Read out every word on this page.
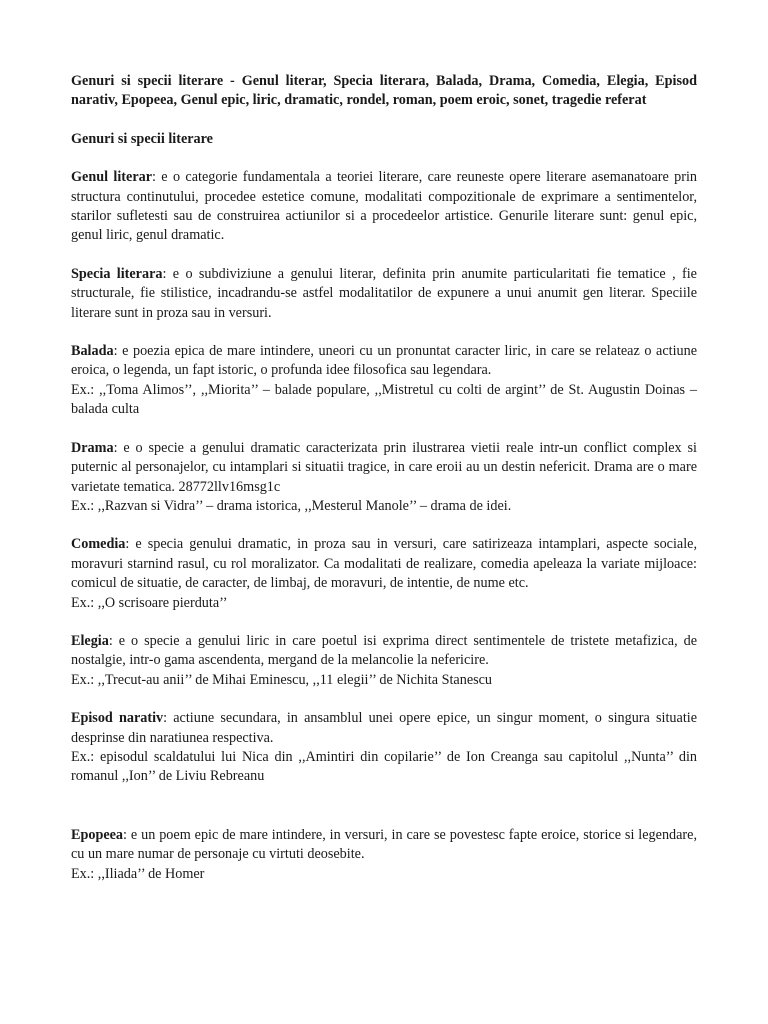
Genuri si specii literare - Genul literar, Specia literara, Balada, Drama, Comedia, Elegia, Episod narativ, Epopeea, Genul epic, liric, dramatic, rondel, roman, poem eroic, sonet, tragedie referat

Genuri si specii literare

Genul literar: e o categorie fundamentala a teoriei literare, care reuneste opere literare asemanatoare prin structura continutului, procedee estetice comune, modalitati compozitionale de exprimare a sentimentelor, starilor sufletesti sau de construirea actiunilor si a procedeelor artistice. Genurile literare sunt: genul epic, genul liric, genul dramatic.

Specia literara: e o subdiviziune a genului literar, definita prin anumite particularitati fie tematice , fie structurale, fie stilistice, incadrandu-se astfel modalitatilor de expunere a unui anumit gen literar. Speciile literare sunt in proza sau in versuri.

Balada: e poezia epica de mare intindere, uneori cu un pronuntat caracter liric, in care se relateaz o actiune eroica, o legenda, un fapt istoric, o profunda idee filosofica sau legendara.

Ex.: ,,Toma Alimos’’, ,,Miorita’’ – balade populare, ,,Mistretul cu colti de argint’’ de St. Augustin Doinas – balada culta

Drama: e o specie a genului dramatic caracterizata prin ilustrarea vietii reale intr-un conflict complex si puternic al personajelor, cu intamplari si situatii tragice, in care eroii au un destin nefericit. Drama are o mare varietate tematica. 28772llv16msg1c

Ex.: ,,Razvan si Vidra’’ – drama istorica, ,,Mesterul Manole’’ – drama de idei.

Comedia: e specia genului dramatic, in proza sau in versuri, care satirizeaza intamplari, aspecte sociale, moravuri starnind rasul, cu rol moralizator. Ca modalitati de realizare, comedia apeleaza la variate mijloace: comicul de situatie, de caracter, de limbaj, de moravuri, de intentie, de nume etc.

Ex.: ,,O scrisoare pierduta’’

Elegia: e o specie a genului liric in care poetul isi exprima direct sentimentele de tristete metafizica, de nostalgie, intr-o gama ascendenta, mergand de la melancolie la nefericire.

Ex.: ,,Trecut-au anii’’ de Mihai Eminescu, ,,11 elegii’’ de Nichita Stanescu

Episod narativ: actiune secundara, in ansamblul unei opere epice, un singur moment, o singura situatie desprinse din naratiunea respectiva.

Ex.: episodul scaldatului lui Nica din ,,Amintiri din copilarie’’ de Ion Creanga sau capitolul ,,Nunta’’ din romanul ,,Ion’’ de Liviu Rebreanu

Epopeea: e un poem epic de mare intindere, in versuri, in care se povestesc fapte eroice, storice si legendare, cu un mare numar de personaje cu virtuti deosebite.

Ex.: ,,Iliada’’ de Homer
